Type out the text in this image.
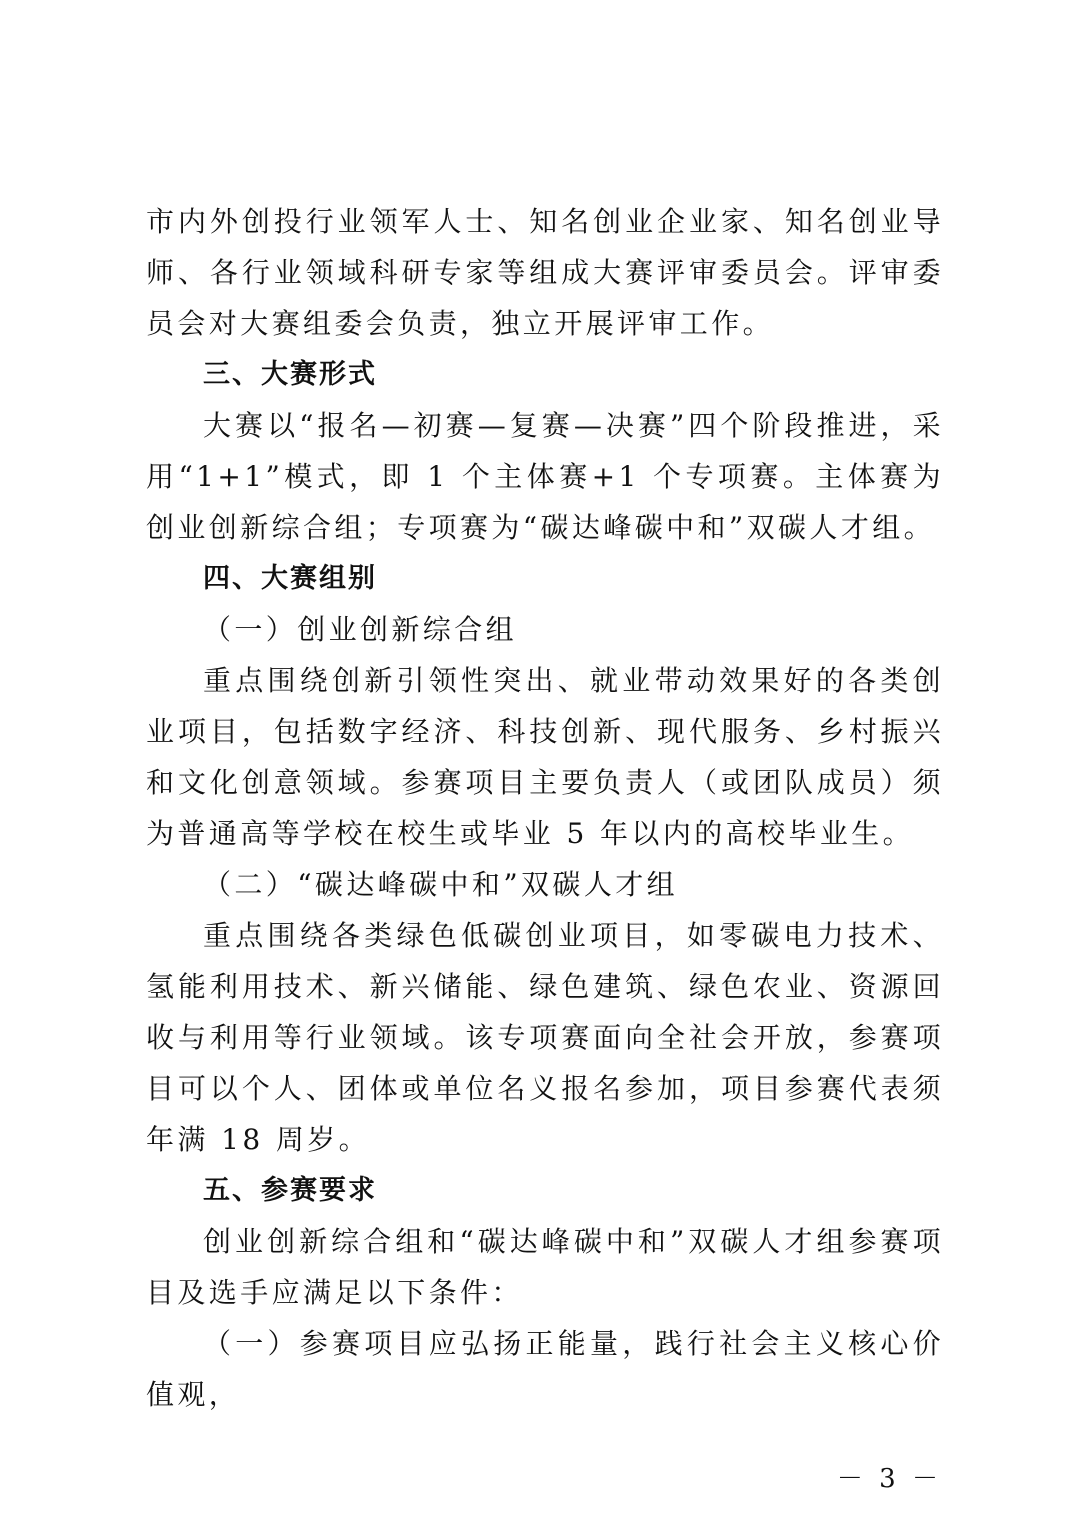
市内外创投行业领军人士、知名创业企业家、知名创业导师、各行业领域科研专家等组成大赛评审委员会。评审委员会对大赛组委会负责，独立开展评审工作。

三、大赛形式

大赛以“报名—初赛—复赛—决赛”四个阶段推进，采用“1+1”模式，即 1 个主体赛+1 个专项赛。主体赛为创业创新综合组；专项赛为“碳达峰碳中和”双碳人才组。

四、大赛组别

（一）创业创新综合组

重点围绕创新引领性突出、就业带动效果好的各类创业项目，包括数字经济、科技创新、现代服务、乡村振兴和文化创意领域。参赛项目主要负责人（或团队成员）须为普通高等学校在校生或毕业 5 年以内的高校毕业生。

（二）“碳达峰碳中和”双碳人才组

重点围绕各类绿色低碳创业项目，如零碳电力技术、氢能利用技术、新兴储能、绿色建筑、绿色农业、资源回收与利用等行业领域。该专项赛面向全社会开放，参赛项目可以个人、团体或单位名义报名参加，项目参赛代表须年满 18 周岁。

五、参赛要求

创业创新综合组和“碳达峰碳中和”双碳人才组参赛项目及选手应满足以下条件：

（一）参赛项目应弘扬正能量，践行社会主义核心价值观，

－ 3 －
